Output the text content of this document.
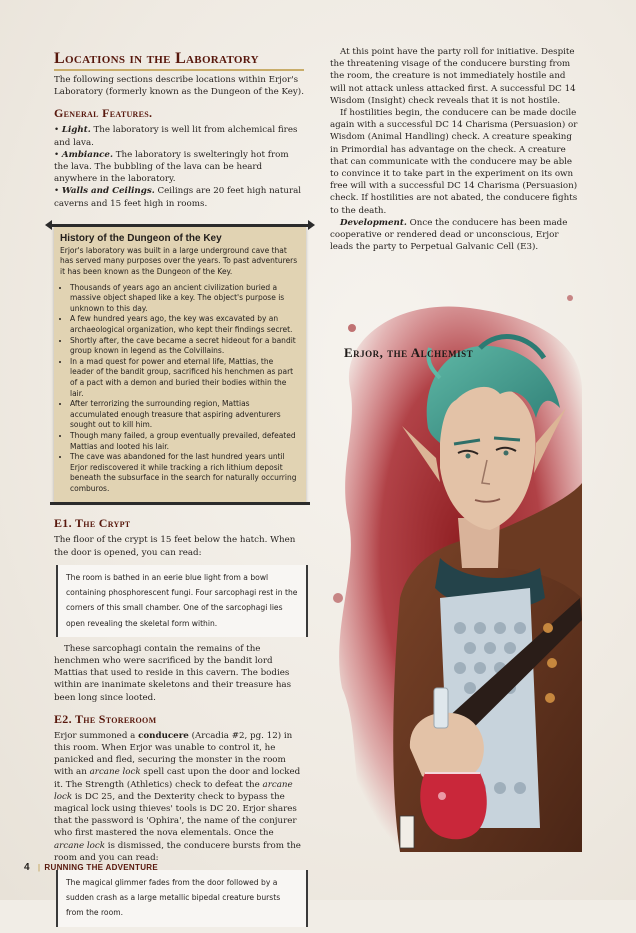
Locations in the Laboratory

The following sections describe locations within Erjor's Laboratory (formerly known as the Dungeon of the Key).

General Features.

• Light. The laboratory is well lit from alchemical fires and lava.

• Ambiance. The laboratory is swelteringly hot from the lava. The bubbling of the lava can be heard anywhere in the laboratory.

• Walls and Ceilings. Ceilings are 20 feet high natural caverns and 15 feet high in rooms.

History of the Dungeon of the Key

Erjor's laboratory was built in a large underground cave that has served many purposes over the years. To past adventurers it has been known as the Dungeon of the Key.

• Thousands of years ago an ancient civilization buried a massive object shaped like a key. The object's purpose is unknown to this day.
• A few hundred years ago, the key was excavated by an archaeological organization, who kept their findings secret.
• Shortly after, the cave became a secret hideout for a bandit group known in legend as the Colvillains.
• In a mad quest for power and eternal life, Mattias, the leader of the bandit group, sacrificed his henchmen as part of a pact with a demon and buried their bodies within the lair.
• After terrorizing the surrounding region, Mattias accumulated enough treasure that aspiring adventurers sought out to kill him.
• Though many failed, a group eventually prevailed, defeated Mattias and looted his lair.
• The cave was abandoned for the last hundred years until Erjor rediscovered it while tracking a rich lithium deposit beneath the subsurface in the search for naturally occurring comburos.
E1. The Crypt

The floor of the crypt is 15 feet below the hatch. When the door is opened, you can read:

The room is bathed in an eerie blue light from a bowl containing phosphorescent fungi. Four sarcophagi rest in the corners of this small chamber. One of the sarcophagi lies open revealing the skeletal form within.

These sarcophagi contain the remains of the henchmen who were sacrificed by the bandit lord Mattias that used to reside in this cavern. The bodies within are inanimate skeletons and their treasure has been long since looted.

E2. The Storeroom

Erjor summoned a conducere (Arcadia #2, pg. 12) in this room. When Erjor was unable to control it, he panicked and fled, securing the monster in the room with an arcane lock spell cast upon the door and locked it. The Strength (Athletics) check to defeat the arcane lock is DC 25, and the Dexterity check to bypass the magical lock using thieves' tools is DC 20. Erjor shares that the password is 'Ophira', the name of the conjurer who first mastered the nova elementals. Once the arcane lock is dismissed, the conducere bursts from the room and you can read:

The magical glimmer fades from the door followed by a sudden crash as a large metallic bipedal creature bursts from the room.

At this point have the party roll for initiative. Despite the threatening visage of the conducere bursting from the room, the creature is not immediately hostile and will not attack unless attacked first. A successful DC 14 Wisdom (Insight) check reveals that it is not hostile.

If hostilities begin, the conducere can be made docile again with a successful DC 14 Charisma (Persuasion) or Wisdom (Animal Handling) check. A creature speaking in Primordial has advantage on the check. A creature that can communicate with the conducere may be able to convince it to take part in the experiment on its own free will with a successful DC 14 Charisma (Persuasion) check. If hostilities are not abated, the conducere fights to the death.

Development. Once the conducere has been made cooperative or rendered dead or unconscious, Erjor leads the party to Perpetual Galvanic Cell (E3).

Erjor, the Alchemist
4 | RUNNING THE ADVENTURE
